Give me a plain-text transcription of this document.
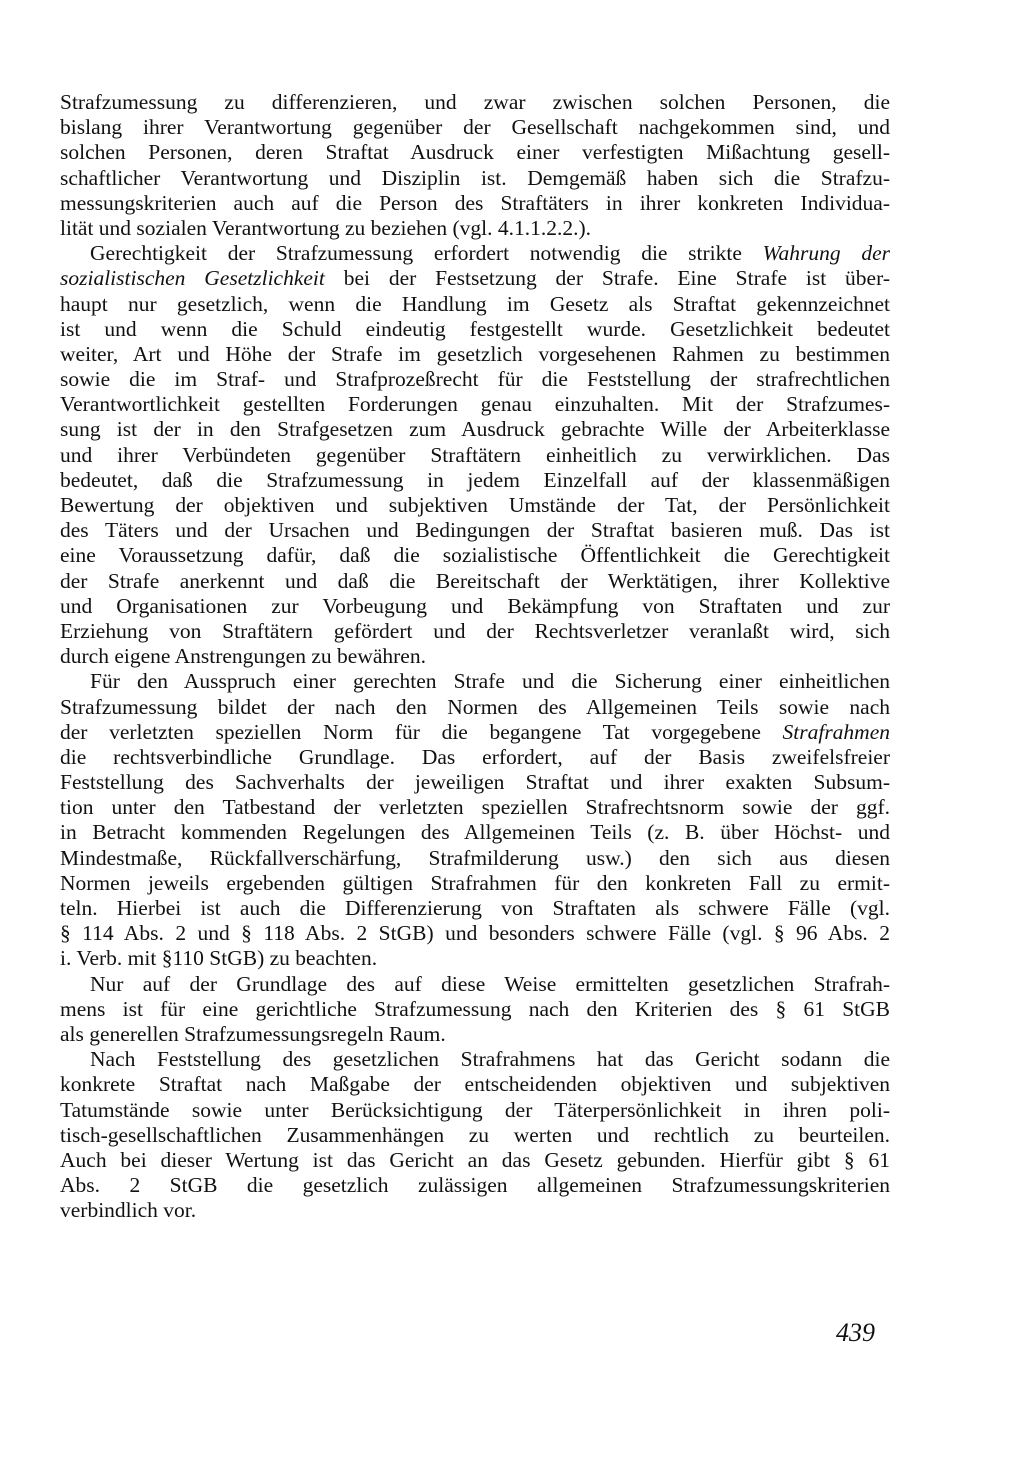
Strafzumessung zu differenzieren, und zwar zwischen solchen Personen, die
bislang ihrer Verantwortung gegenüber der Gesellschaft nachgekommen sind, und
solchen Personen, deren Straftat Ausdruck einer verfestigten Mißachtung gesell-
schaftlicher Verantwortung und Disziplin ist. Demgemäß haben sich die Strafzu-
messungskriterien auch auf die Person des Straftäters in ihrer konkreten Individua-
lität und sozialen Verantwortung zu beziehen (vgl. 4.1.1.2.2.).
Gerechtigkeit der Strafzumessung erfordert notwendig die strikte Wahrung der
sozialistischen Gesetzlichkeit bei der Festsetzung der Strafe. Eine Strafe ist über-
haupt nur gesetzlich, wenn die Handlung im Gesetz als Straftat gekennzeichnet
ist und wenn die Schuld eindeutig festgestellt wurde. Gesetzlichkeit bedeutet
weiter, Art und Höhe der Strafe im gesetzlich vorgesehenen Rahmen zu bestimmen
sowie die im Straf- und Strafprozeßrecht für die Feststellung der strafrechtlichen
Verantwortlichkeit gestellten Forderungen genau einzuhalten. Mit der Strafzumes-
sung ist der in den Strafgesetzen zum Ausdruck gebrachte Wille der Arbeiterklasse
und ihrer Verbündeten gegenüber Straftätern einheitlich zu verwirklichen. Das
bedeutet, daß die Strafzumessung in jedem Einzelfall auf der klassenmäßigen
Bewertung der objektiven und subjektiven Umstände der Tat, der Persönlichkeit
des Täters und der Ursachen und Bedingungen der Straftat basieren muß. Das ist
eine Voraussetzung dafür, daß die sozialistische Öffentlichkeit die Gerechtigkeit
der Strafe anerkennt und daß die Bereitschaft der Werktätigen, ihrer Kollektive
und Organisationen zur Vorbeugung und Bekämpfung von Straftaten und zur
Erziehung von Straftätern gefördert und der Rechtsverletzer veranlaßt wird, sich
durch eigene Anstrengungen zu bewähren.
Für den Ausspruch einer gerechten Strafe und die Sicherung einer einheitlichen
Strafzumessung bildet der nach den Normen des Allgemeinen Teils sowie nach
der verletzten speziellen Norm für die begangene Tat vorgegebene Strafrahmen
die rechtsverbindliche Grundlage. Das erfordert, auf der Basis zweifelsfreier
Feststellung des Sachverhalts der jeweiligen Straftat und ihrer exakten Subsum-
tion unter den Tatbestand der verletzten speziellen Strafrechtsnorm sowie der ggf.
in Betracht kommenden Regelungen des Allgemeinen Teils (z. B. über Höchst- und
Mindestmaße, Rückfallverschärfung, Strafmilderung usw.) den sich aus diesen
Normen jeweils ergebenden gültigen Strafrahmen für den konkreten Fall zu ermit-
teln. Hierbei ist auch die Differenzierung von Straftaten als schwere Fälle (vgl.
§ 114 Abs. 2 und § 118 Abs. 2 StGB) und besonders schwere Fälle (vgl. § 96 Abs. 2
i. Verb. mit §110 StGB) zu beachten.
Nur auf der Grundlage des auf diese Weise ermittelten gesetzlichen Strafrah-
mens ist für eine gerichtliche Strafzumessung nach den Kriterien des § 61 StGB
als generellen Strafzumessungsregeln Raum.
Nach Feststellung des gesetzlichen Strafrahmens hat das Gericht sodann die
konkrete Straftat nach Maßgabe der entscheidenden objektiven und subjektiven
Tatumstände sowie unter Berücksichtigung der Täterpersönlichkeit in ihren poli-
tisch-gesellschaftlichen Zusammenhängen zu werten und rechtlich zu beurteilen.
Auch bei dieser Wertung ist das Gericht an das Gesetz gebunden. Hierfür gibt § 61
Abs. 2 StGB die gesetzlich zulässigen allgemeinen Strafzumessungskriterien
verbindlich vor.
439
